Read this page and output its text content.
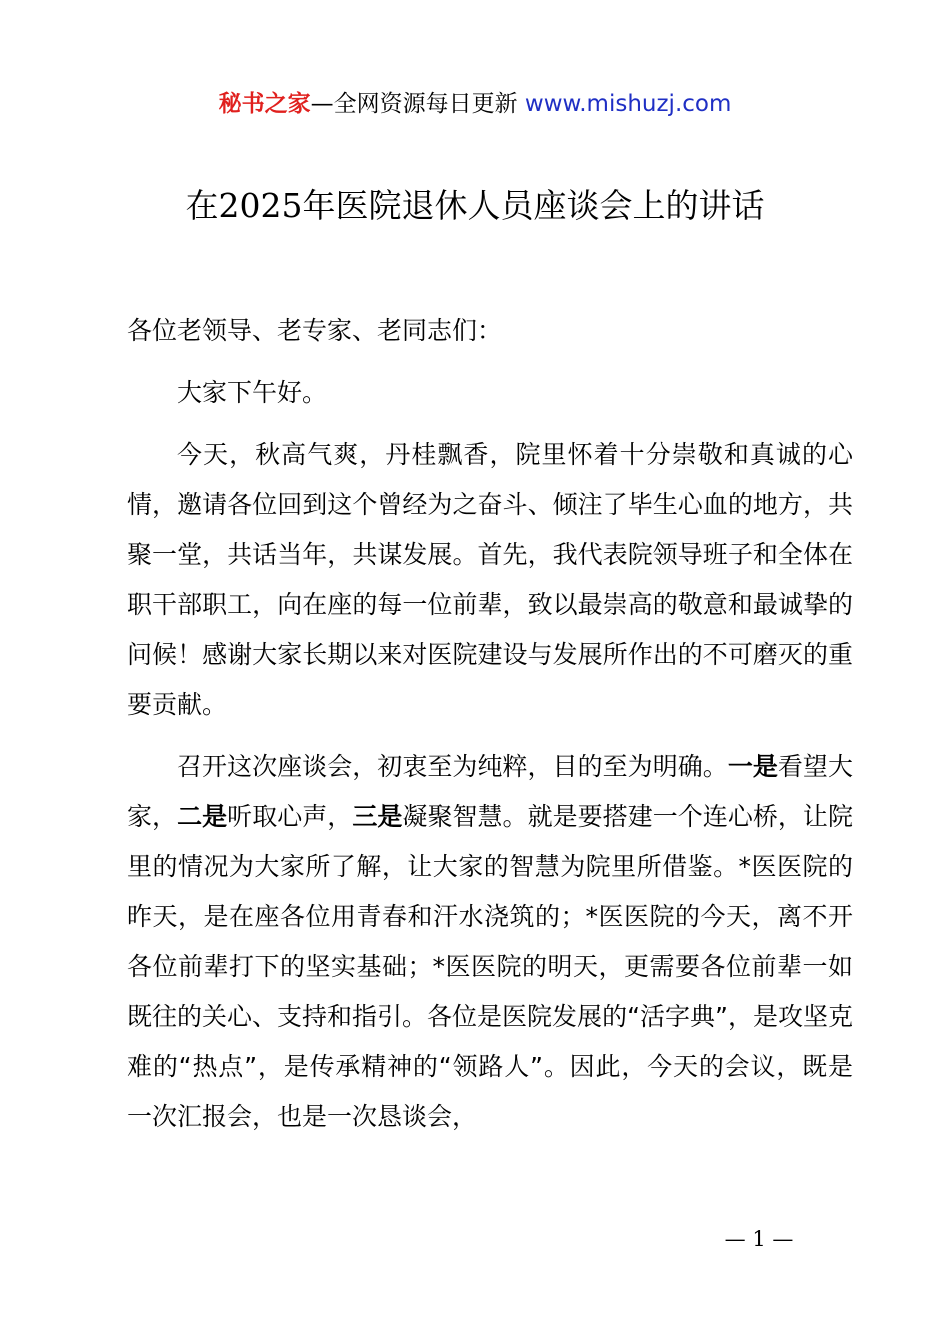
秘书之家—全网资源每日更新 www.mishuzj.com
在2025年医院退休人员座谈会上的讲话

各位老领导、老专家、老同志们：

大家下午好。

今天，秋高气爽，丹桂飘香，院里怀着十分崇敬和真诚的心情，邀请各位回到这个曾经为之奋斗、倾注了毕生心血的地方，共聚一堂，共话当年，共谋发展。首先，我代表院领导班子和全体在职干部职工，向在座的每一位前辈，致以最崇高的敬意和最诚挚的问候！感谢大家长期以来对医院建设与发展所作出的不可磨灭的重要贡献。

召开这次座谈会，初衷至为纯粹，目的至为明确。一是看望大家，二是听取心声，三是凝聚智慧。就是要搭建一个连心桥，让院里的情况为大家所了解，让大家的智慧为院里所借鉴。*医医院的昨天，是在座各位用青春和汗水浇筑的；*医医院的今天，离不开各位前辈打下的坚实基础；*医医院的明天，更需要各位前辈一如既往的关心、支持和指引。各位是医院发展的“活字典”，是攻坚克难的“热点”，是传承精神的“领路人”。因此，今天的会议，既是一次汇报会，也是一次恳谈会，

— 1 —
